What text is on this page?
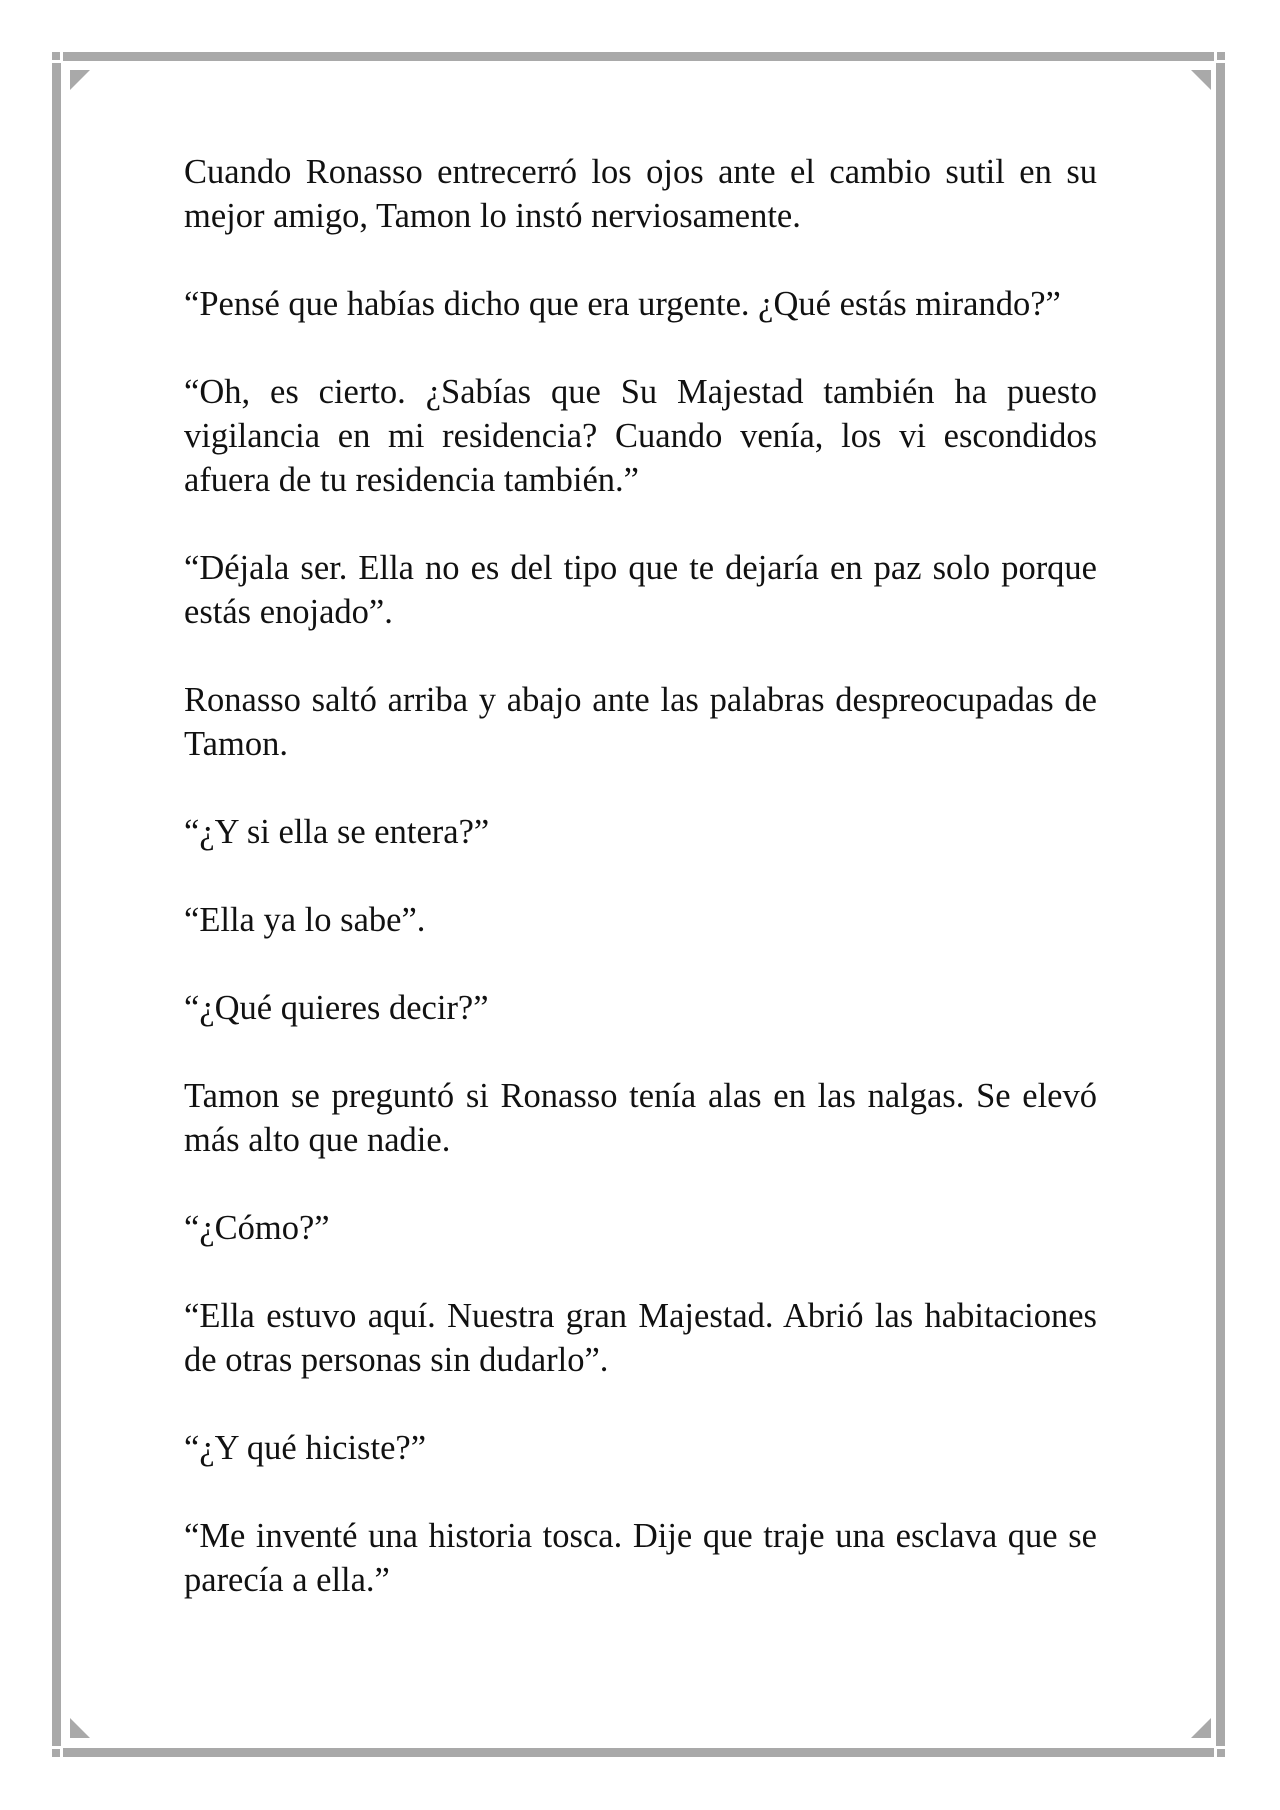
Cuando Ronasso entrecerró los ojos ante el cambio sutil en su mejor amigo, Tamon lo instó nerviosamente.

“Pensé que habías dicho que era urgente. ¿Qué estás mirando?”

“Oh, es cierto. ¿Sabías que Su Majestad también ha puesto vigilancia en mi residencia? Cuando venía, los vi escondidos afuera de tu residencia también.”

“Déjala ser. Ella no es del tipo que te dejaría en paz solo porque estás enojado”.

Ronasso saltó arriba y abajo ante las palabras despreocupadas de Tamon.

“¿Y si ella se entera?”

“Ella ya lo sabe”.

“¿Qué quieres decir?”

Tamon se preguntó si Ronasso tenía alas en las nalgas. Se elevó más alto que nadie.

“¿Cómo?”

“Ella estuvo aquí. Nuestra gran Majestad. Abrió las habitaciones de otras personas sin dudarlo”.

“¿Y qué hiciste?”

“Me inventé una historia tosca. Dije que traje una esclava que se parecía a ella.”
